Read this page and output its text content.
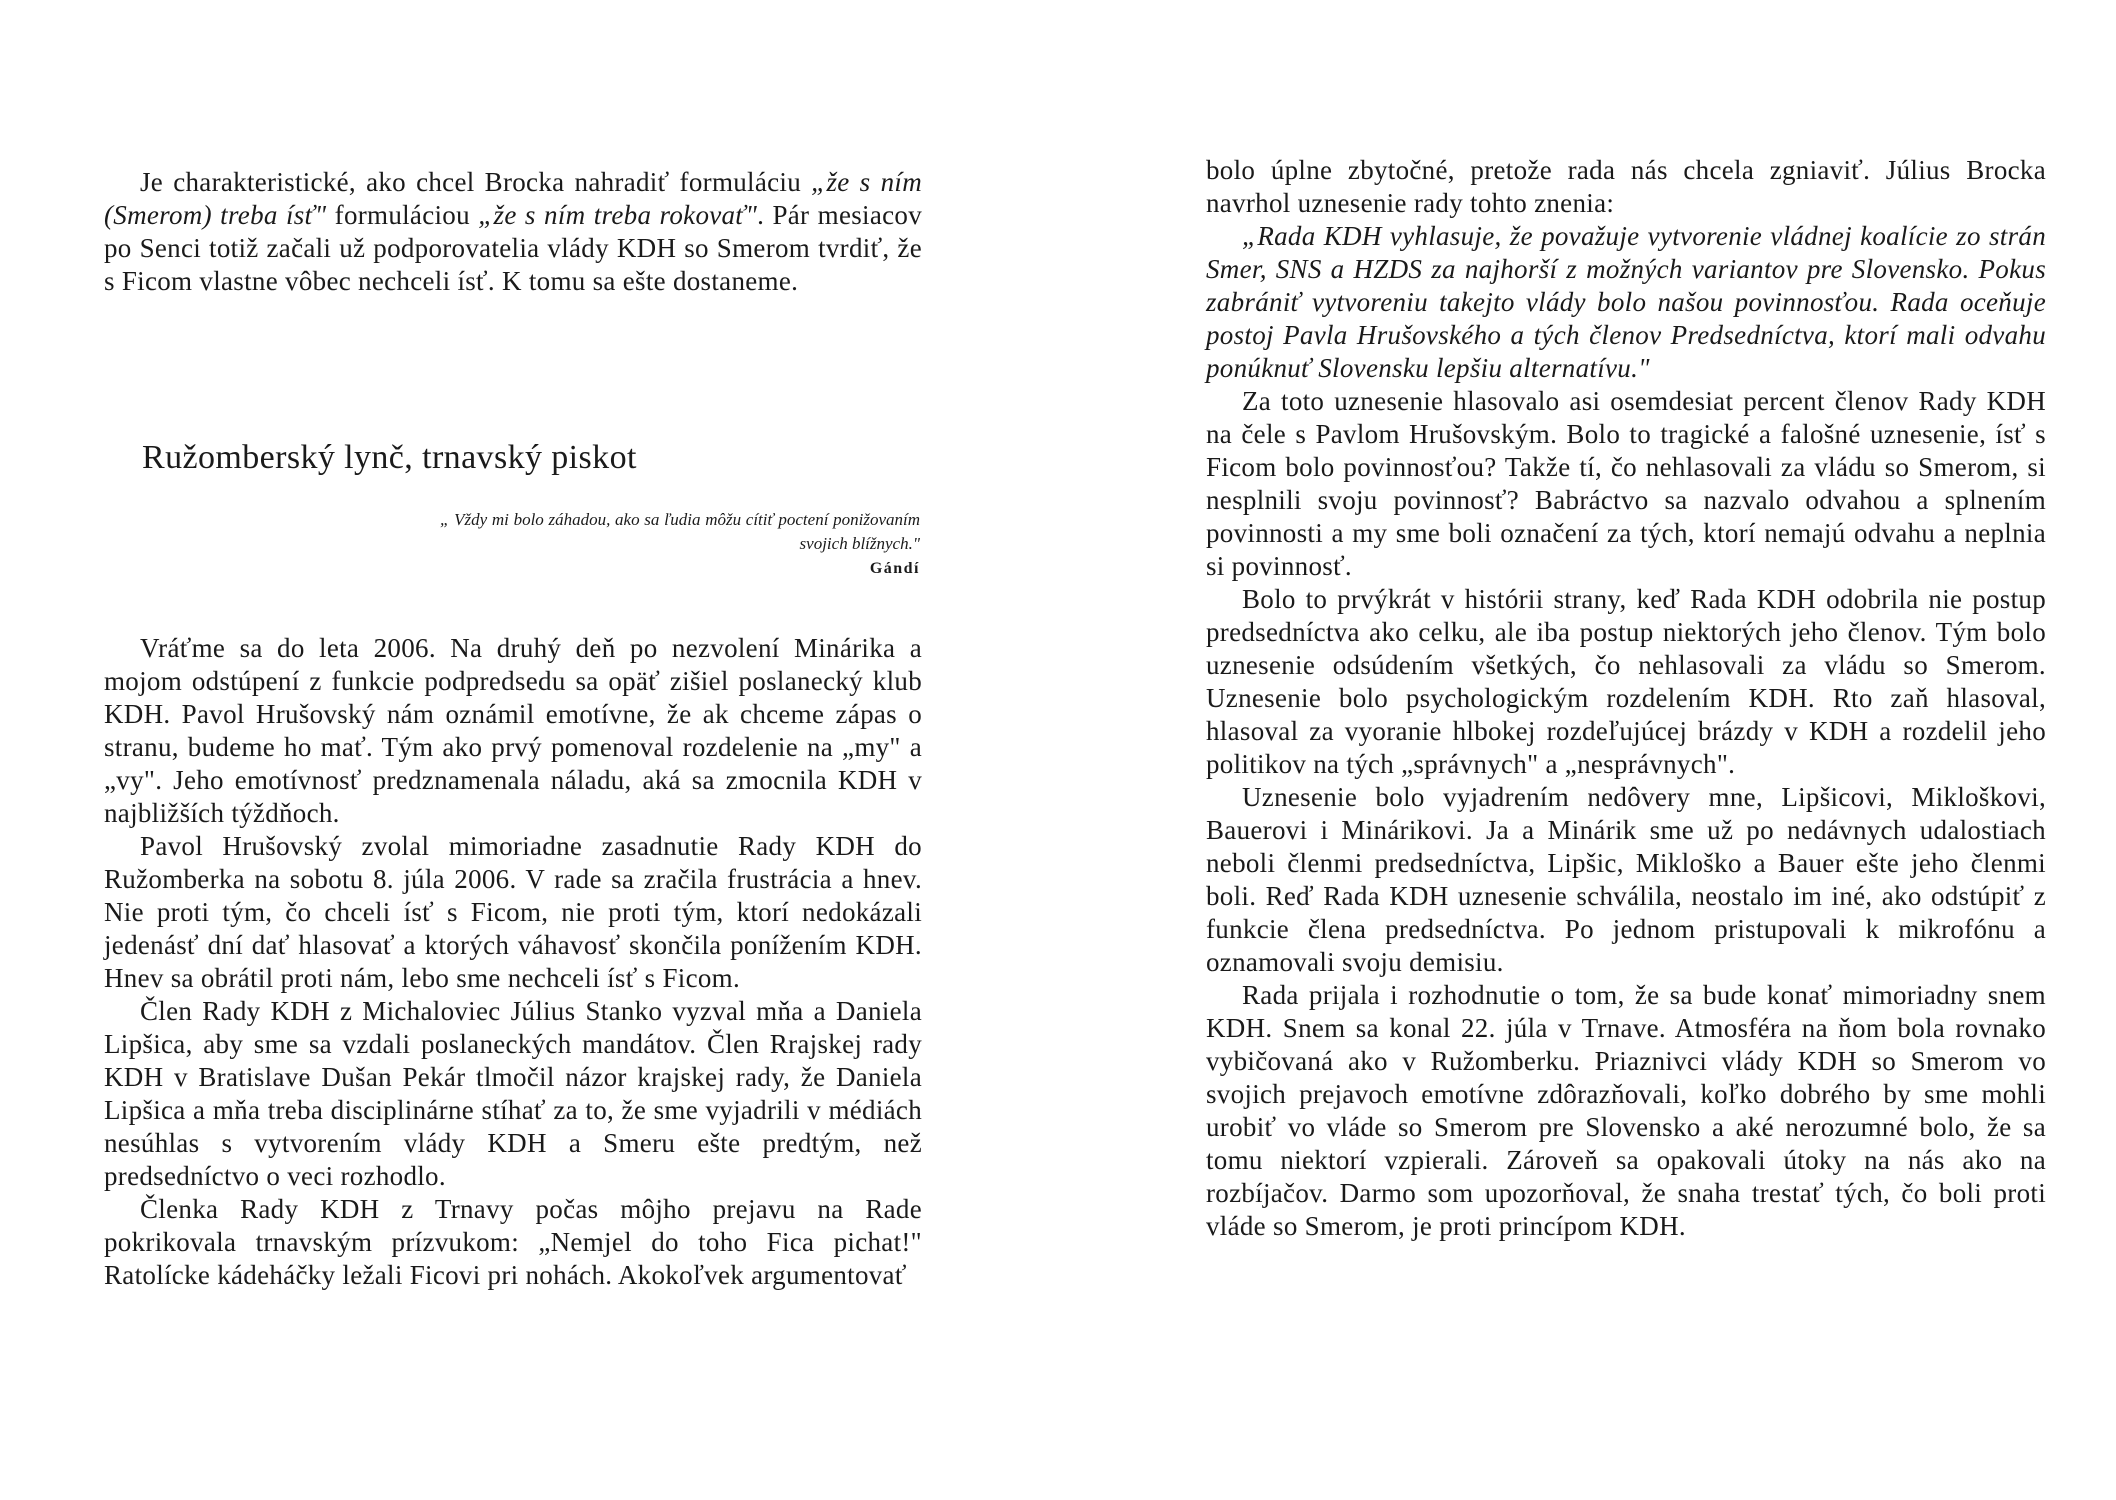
Je charakteristické, ako chcel Brocka nahradiť formuláciu „že s ním (Smerom) treba ísť" formuláciou „že s ním treba rokovať". Pár mesiacov po Senci totiž začali už podporovatelia vlády KDH so Smerom tvrdiť, že s Ficom vlastne vôbec nechceli ísť. K tomu sa ešte dostaneme.

Ružomberský lynč, trnavský piskot
„ Vždy mi bolo záhadou, ako sa ľudia môžu cítiť poctení ponižovaním svojich blížnych."
Gándí

Vráťme sa do leta 2006. Na druhý deň po nezvolení Minárika a mojom odstúpení z funkcie podpredsedu sa opäť zišiel poslanecký klub KDH. Pavol Hrušovský nám oznámil emotívne, že ak chceme zápas o stranu, budeme ho mať. Tým ako prvý pomenoval rozdelenie na „my" a „vy". Jeho emotívnosť predznamenala náladu, aká sa zmocnila KDH v najbližších týždňoch.

Pavol Hrušovský zvolal mimoriadne zasadnutie Rady KDH do Ružomberka na sobotu 8. júla 2006. V rade sa zračila frustrácia a hnev. Nie proti tým, čo chceli ísť s Ficom, nie proti tým, ktorí nedokázali jedenásť dní dať hlasovať a ktorých váhavosť skončila ponížením KDH. Hnev sa obrátil proti nám, lebo sme nechceli ísť s Ficom.

Člen Rady KDH z Michaloviec Július Stanko vyzval mňa a Daniela Lipšica, aby sme sa vzdali poslaneckých mandátov. Člen Rrajskej rady KDH v Bratislave Dušan Pekár tlmočil názor krajskej rady, že Daniela Lipšica a mňa treba disciplinárne stíhať za to, že sme vyjadrili v médiách nesúhlas s vytvorením vlády KDH a Smeru ešte predtým, než predsedníctvo o veci rozhodlo.

Členka Rady KDH z Trnavy počas môjho prejavu na Rade pokrikovala trnavským prízvukom: „Nemjel do toho Fica pichat!" Ratolícke kádeháčky ležali Ficovi pri nohách. Akokoľvek argumentovať

bolo úplne zbytočné, pretože rada nás chcela zgniaviť. Július Brocka navrhol uznesenie rady tohto znenia:

„Rada KDH vyhlasuje, že považuje vytvorenie vládnej koalície zo strán Smer, SNS a HZDS za najhorší z možných variantov pre Slovensko. Pokus zabrániť vytvoreniu takejto vlády bolo našou povinnosťou. Rada oceňuje postoj Pavla Hrušovského a tých členov Predsedníctva, ktorí mali odvahu ponúknuť Slovensku lepšiu alternatívu."

Za toto uznesenie hlasovalo asi osemdesiat percent členov Rady KDH na čele s Pavlom Hrušovským. Bolo to tragické a falošné uznesenie, ísť s Ficom bolo povinnosťou? Takže tí, čo nehlasovali za vládu so Smerom, si nesplnili svoju povinnosť? Babráctvo sa nazvalo odvahou a splnením povinnosti a my sme boli označení za tých, ktorí nemajú odvahu a neplnia si povinnosť.

Bolo to prvýkrát v histórii strany, keď Rada KDH odobrila nie postup predsedníctva ako celku, ale iba postup niektorých jeho členov. Tým bolo uznesenie odsúdením všetkých, čo nehlasovali za vládu so Smerom. Uznesenie bolo psychologickým rozdelením KDH. Rto zaň hlasoval, hlasoval za vyoranie hlbokej rozdeľujúcej brázdy v KDH a rozdelil jeho politikov na tých „správnych" a „nesprávnych".

Uznesenie bolo vyjadrením nedôvery mne, Lipšicovi, Mikloškovi, Bauerovi i Minárikovi. Ja a Minárik sme už po nedávnych udalostiach neboli členmi predsedníctva, Lipšic, Mikloško a Bauer ešte jeho členmi boli. Reď Rada KDH uznesenie schválila, neostalo im iné, ako odstúpiť z funkcie člena predsedníctva. Po jednom pristupovali k mikrofónu a oznamovali svoju demisiu.

Rada prijala i rozhodnutie o tom, že sa bude konať mimoriadny snem KDH. Snem sa konal 22. júla v Trnave. Atmosféra na ňom bola rovnako vybičovaná ako v Ružomberku. Priaznivci vlády KDH so Smerom vo svojich prejavoch emotívne zdôrazňovali, koľko dobrého by sme mohli urobiť vo vláde so Smerom pre Slovensko a aké nerozumné bolo, že sa tomu niektorí vzpierali. Zároveň sa opakovali útoky na nás ako na rozbíjačov. Darmo som upozorňoval, že snaha trestať tých, čo boli proti vláde so Smerom, je proti princípom KDH.
